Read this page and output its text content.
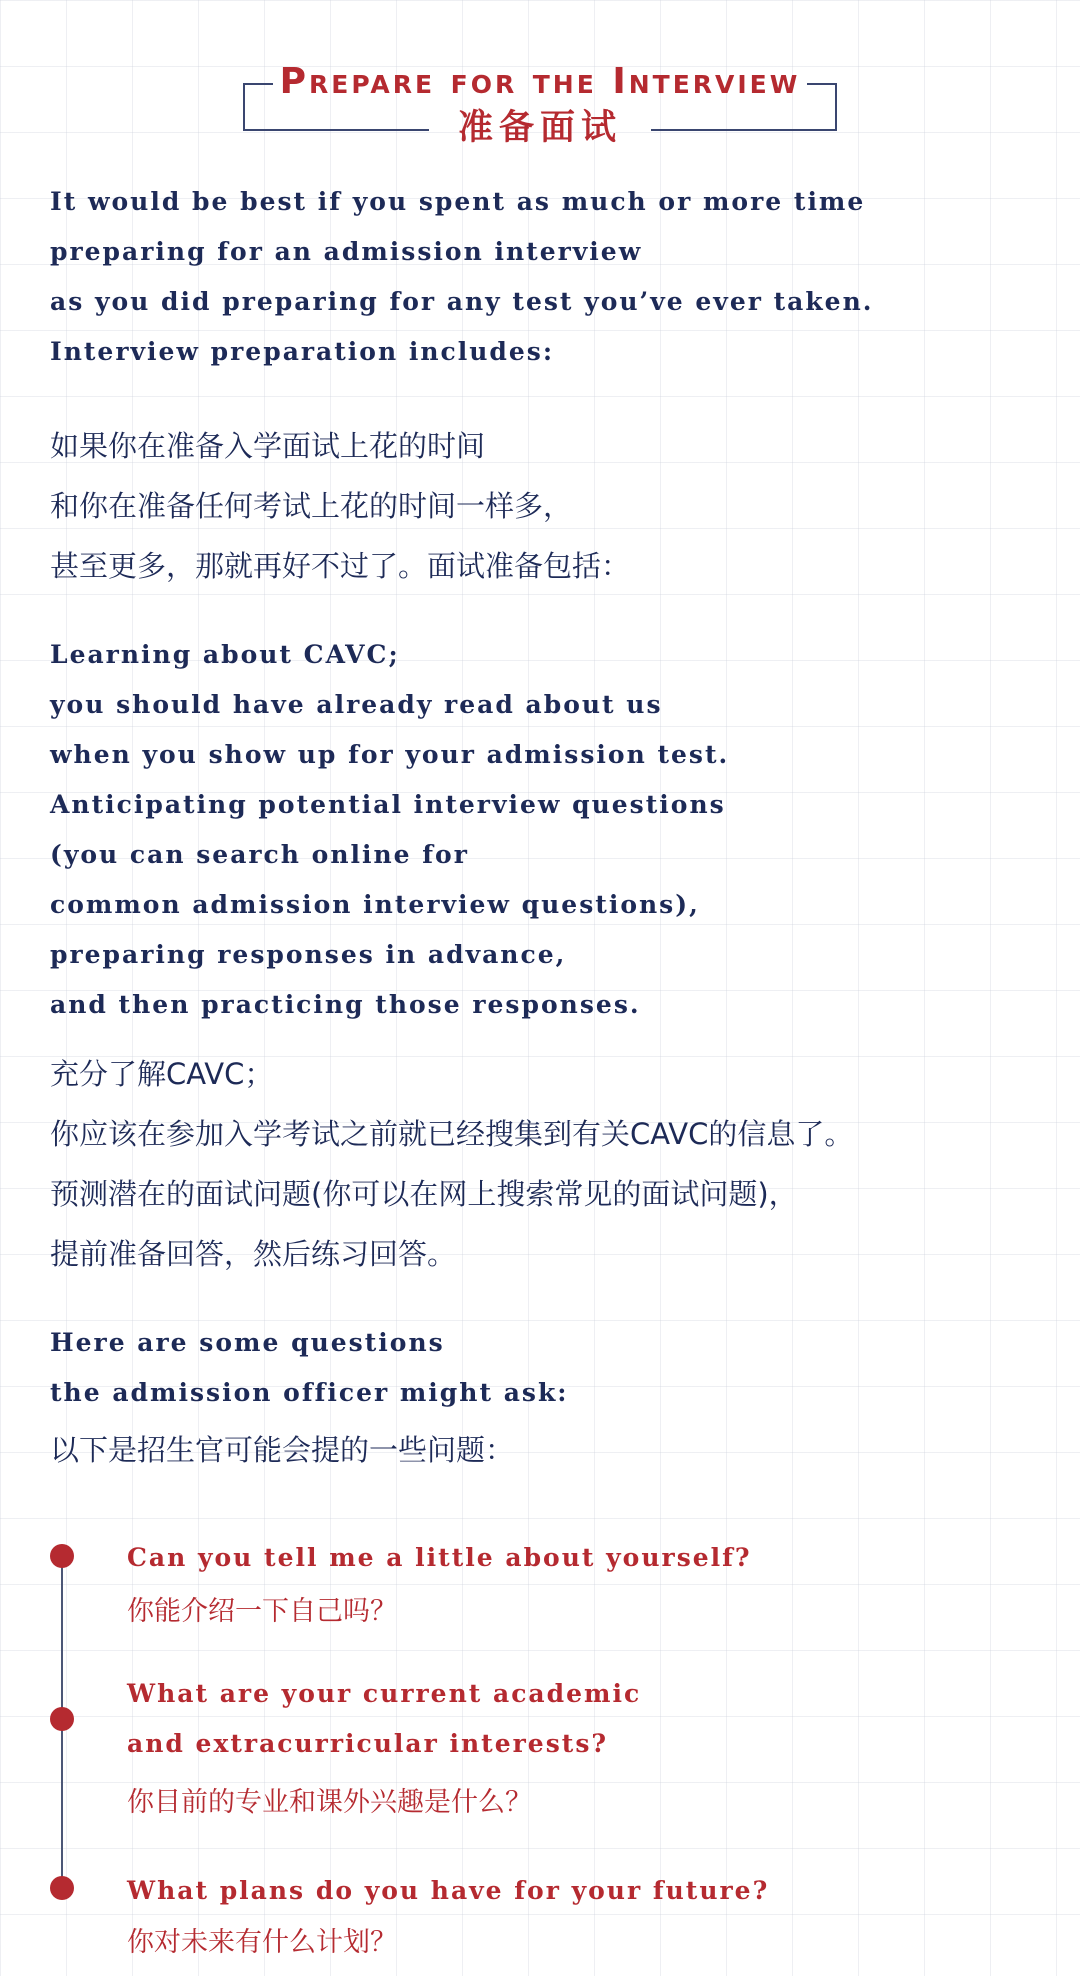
Prepare for the Interview
准备面试
It would be best if you spent as much or more time
preparing for an admission interview
as you did preparing for any test you’ve ever taken.
Interview preparation includes:
如果你在准备入学面试上花的时间
和你在准备任何考试上花的时间一样多，
甚至更多，那就再好不过了。面试准备包括：
Learning about CAVC;
you should have already read about us
when you show up for your admission test.
Anticipating potential interview questions
(you can search online for
common admission interview questions),
preparing responses in advance,
and then practicing those responses.
充分了解CAVC；
你应该在参加入学考试之前就已经搜集到有关CAVC的信息了。
预测潜在的面试问题(你可以在网上搜索常见的面试问题)，
提前准备回答，然后练习回答。
Here are some questions
the admission officer might ask:
以下是招生官可能会提的一些问题：
Can you tell me a little about yourself?
你能介绍一下自己吗？
What are your current academic
and extracurricular interests?
你目前的专业和课外兴趣是什么？
What plans do you have for your future?
你对未来有什么计划？
